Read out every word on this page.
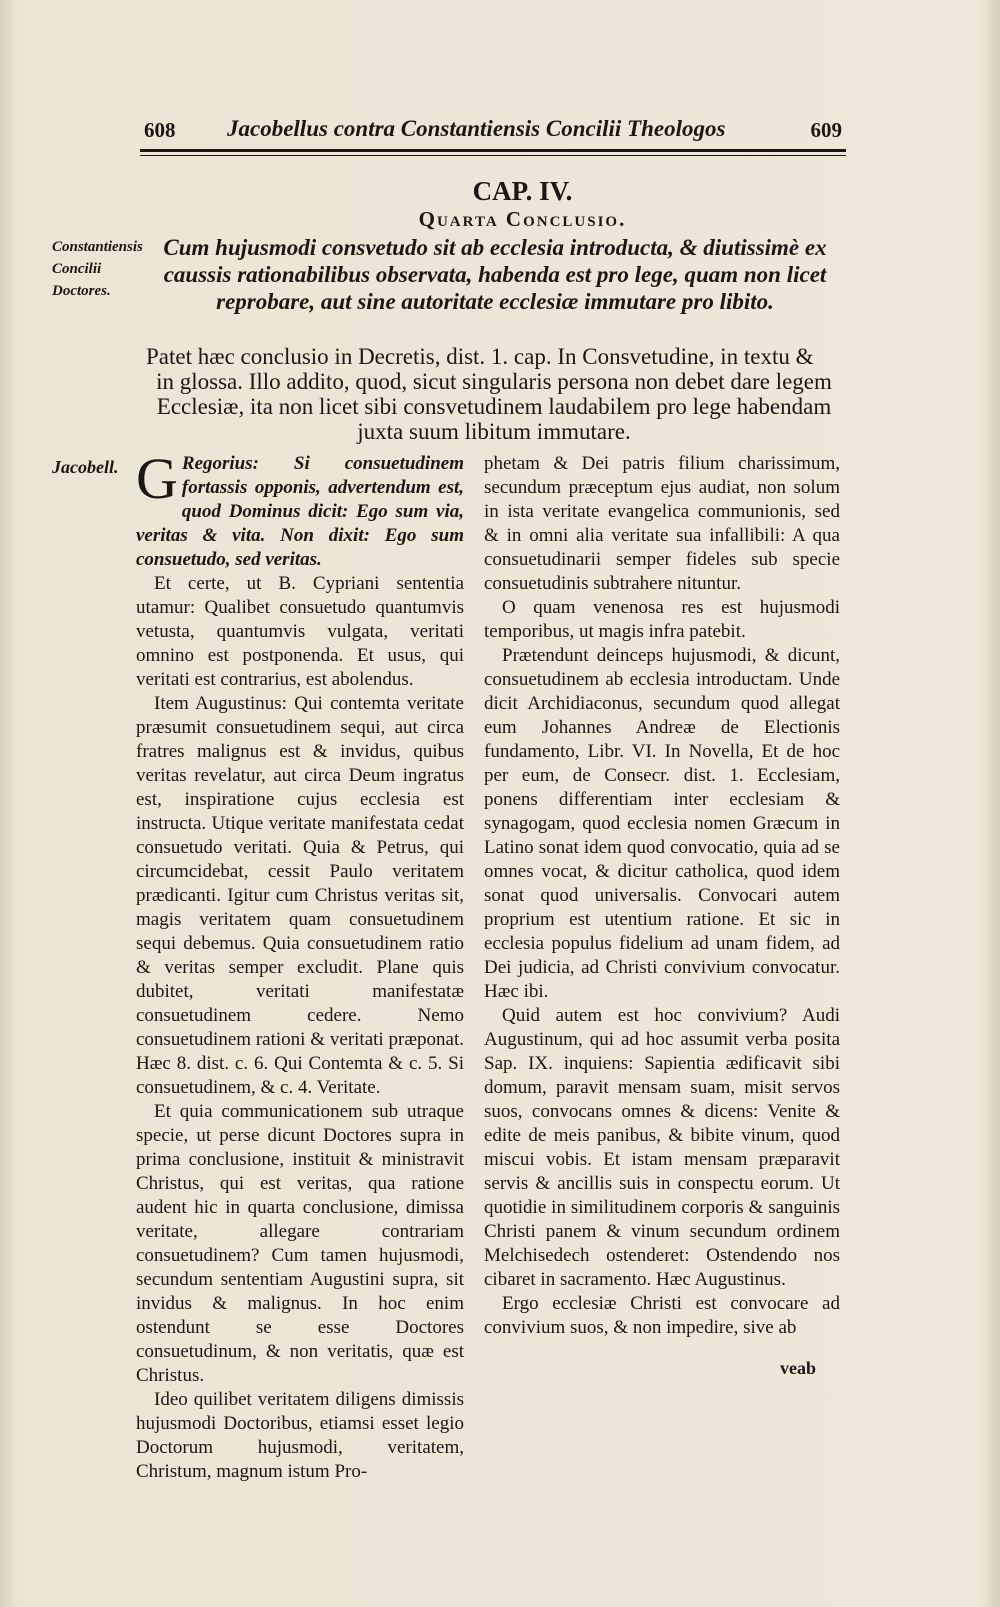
608 Jacobellus contra Constantiensis Concilii Theologos	609
CAP. IV.
Quarta Conclusio.
Constantiensis Concilii Doctores.
Jacobell.
Cum hujusmodi consvetudo sit ab ecclesia introducta, & diutissimè ex caussis rationabilibus observata, habenda est pro lege, quam non licet reprobare, aut sine autoritate ecclesiæ immutare pro libito.
Patet hæc conclusio in Decretis, dist. 1. cap. In Consvetudine, in textu &
in glossa. Illo addito, quod, sicut singularis persona non debet dare legem Ecclesiæ, ita non licet sibi consvetudinem laudabilem pro lege habendam juxta suum libitum immutare.

G Regorius: Si consuetudinem fortassis opponis, advertendum est, quod Dominus dicit: Ego sum via, veritas & vita. Non dixit: Ego sum consuetudo, sed veritas.

Et certe, ut B. Cypriani sententia utamur: Qualibet consuetudo quantumvis vetusta, quantumvis vulgata, veritati omnino est postponenda. Et usus, qui veritati est contrarius, est abolendus.

Item Augustinus: Qui contemta veritate præsumit consuetudinem sequi, aut circa fratres malignus est & invidus, quibus veritas revelatur, aut circa Deum ingratus est, inspiratione cujus ecclesia est instructa. Utique veritate manifestata cedat consuetudo veritati. Quia & Petrus, qui circumcidebat, cessit Paulo veritatem prædicanti. Igitur cum Christus veritas sit, magis veritatem quam consuetudinem sequi debemus. Quia consuetudinem ratio & veritas semper excludit. Plane quis dubitet, veritati manifestatæ consuetudinem cedere. Nemo consuetudinem rationi & veritati præponat. Hæc 8. dist. c. 6. Qui Contemta & c. 5. Si consuetudinem, & c. 4. Veritate.

Et quia communicationem sub utraque specie, ut perse dicunt Doctores supra in prima conclusione, instituit & ministravit Christus, qui est veritas, qua ratione audent hic in quarta conclusione, dimissa veritate, allegare contrariam consuetudinem? Cum tamen hujusmodi, secundum sententiam Augustini supra, sit invidus & malignus. In hoc enim ostendunt se esse Doctores consuetudinum, & non veritatis, quæ est Christus.

Ideo quilibet veritatem diligens dimissis hujusmodi Doctoribus, etiamsi esset legio Doctorum hujusmodi, veritatem, Christum, magnum istum Pro-

phetam & Dei patris filium charissimum, secundum præceptum ejus audiat, non solum in ista veritate evangelica communionis, sed & in omni alia veritate sua infallibili: A qua consuetudinarii semper fideles sub specie consuetudinis subtrahere nituntur.

O quam venenosa res est hujusmodi temporibus, ut magis infra patebit.

Prætendunt deinceps hujusmodi, & dicunt, consuetudinem ab ecclesia introductam. Unde dicit Archidiaconus, secundum quod allegat eum Johannes Andreæ de Electionis fundamento, Libr. VI. In Novella, Et de hoc per eum, de Consecr. dist. 1. Ecclesiam, ponens differentiam inter ecclesiam & synagogam, quod ecclesia nomen Græcum in Latino sonat idem quod convocatio, quia ad se omnes vocat, & dicitur catholica, quod idem sonat quod universalis. Convocari autem proprium est utentium ratione. Et sic in ecclesia populus fidelium ad unam fidem, ad Dei judicia, ad Christi convivium convocatur. Hæc ibi.

Quid autem est hoc convivium? Audi Augustinum, qui ad hoc assumit verba posita Sap. IX. inquiens: Sapientia ædificavit sibi domum, paravit mensam suam, misit servos suos, convocans omnes & dicens: Venite & edite de meis panibus, & bibite vinum, quod miscui vobis. Et istam mensam præparavit servis & ancillis suis in conspectu eorum. Ut quotidie in similitudinem corporis & sanguinis Christi panem & vinum secundum ordinem Melchisedech ostenderet: Ostendendo nos cibaret in sacramento. Hæc Augustinus.

Ergo ecclesiæ Christi est convocare ad convivium suos, & non impedire, sive ab

veab
